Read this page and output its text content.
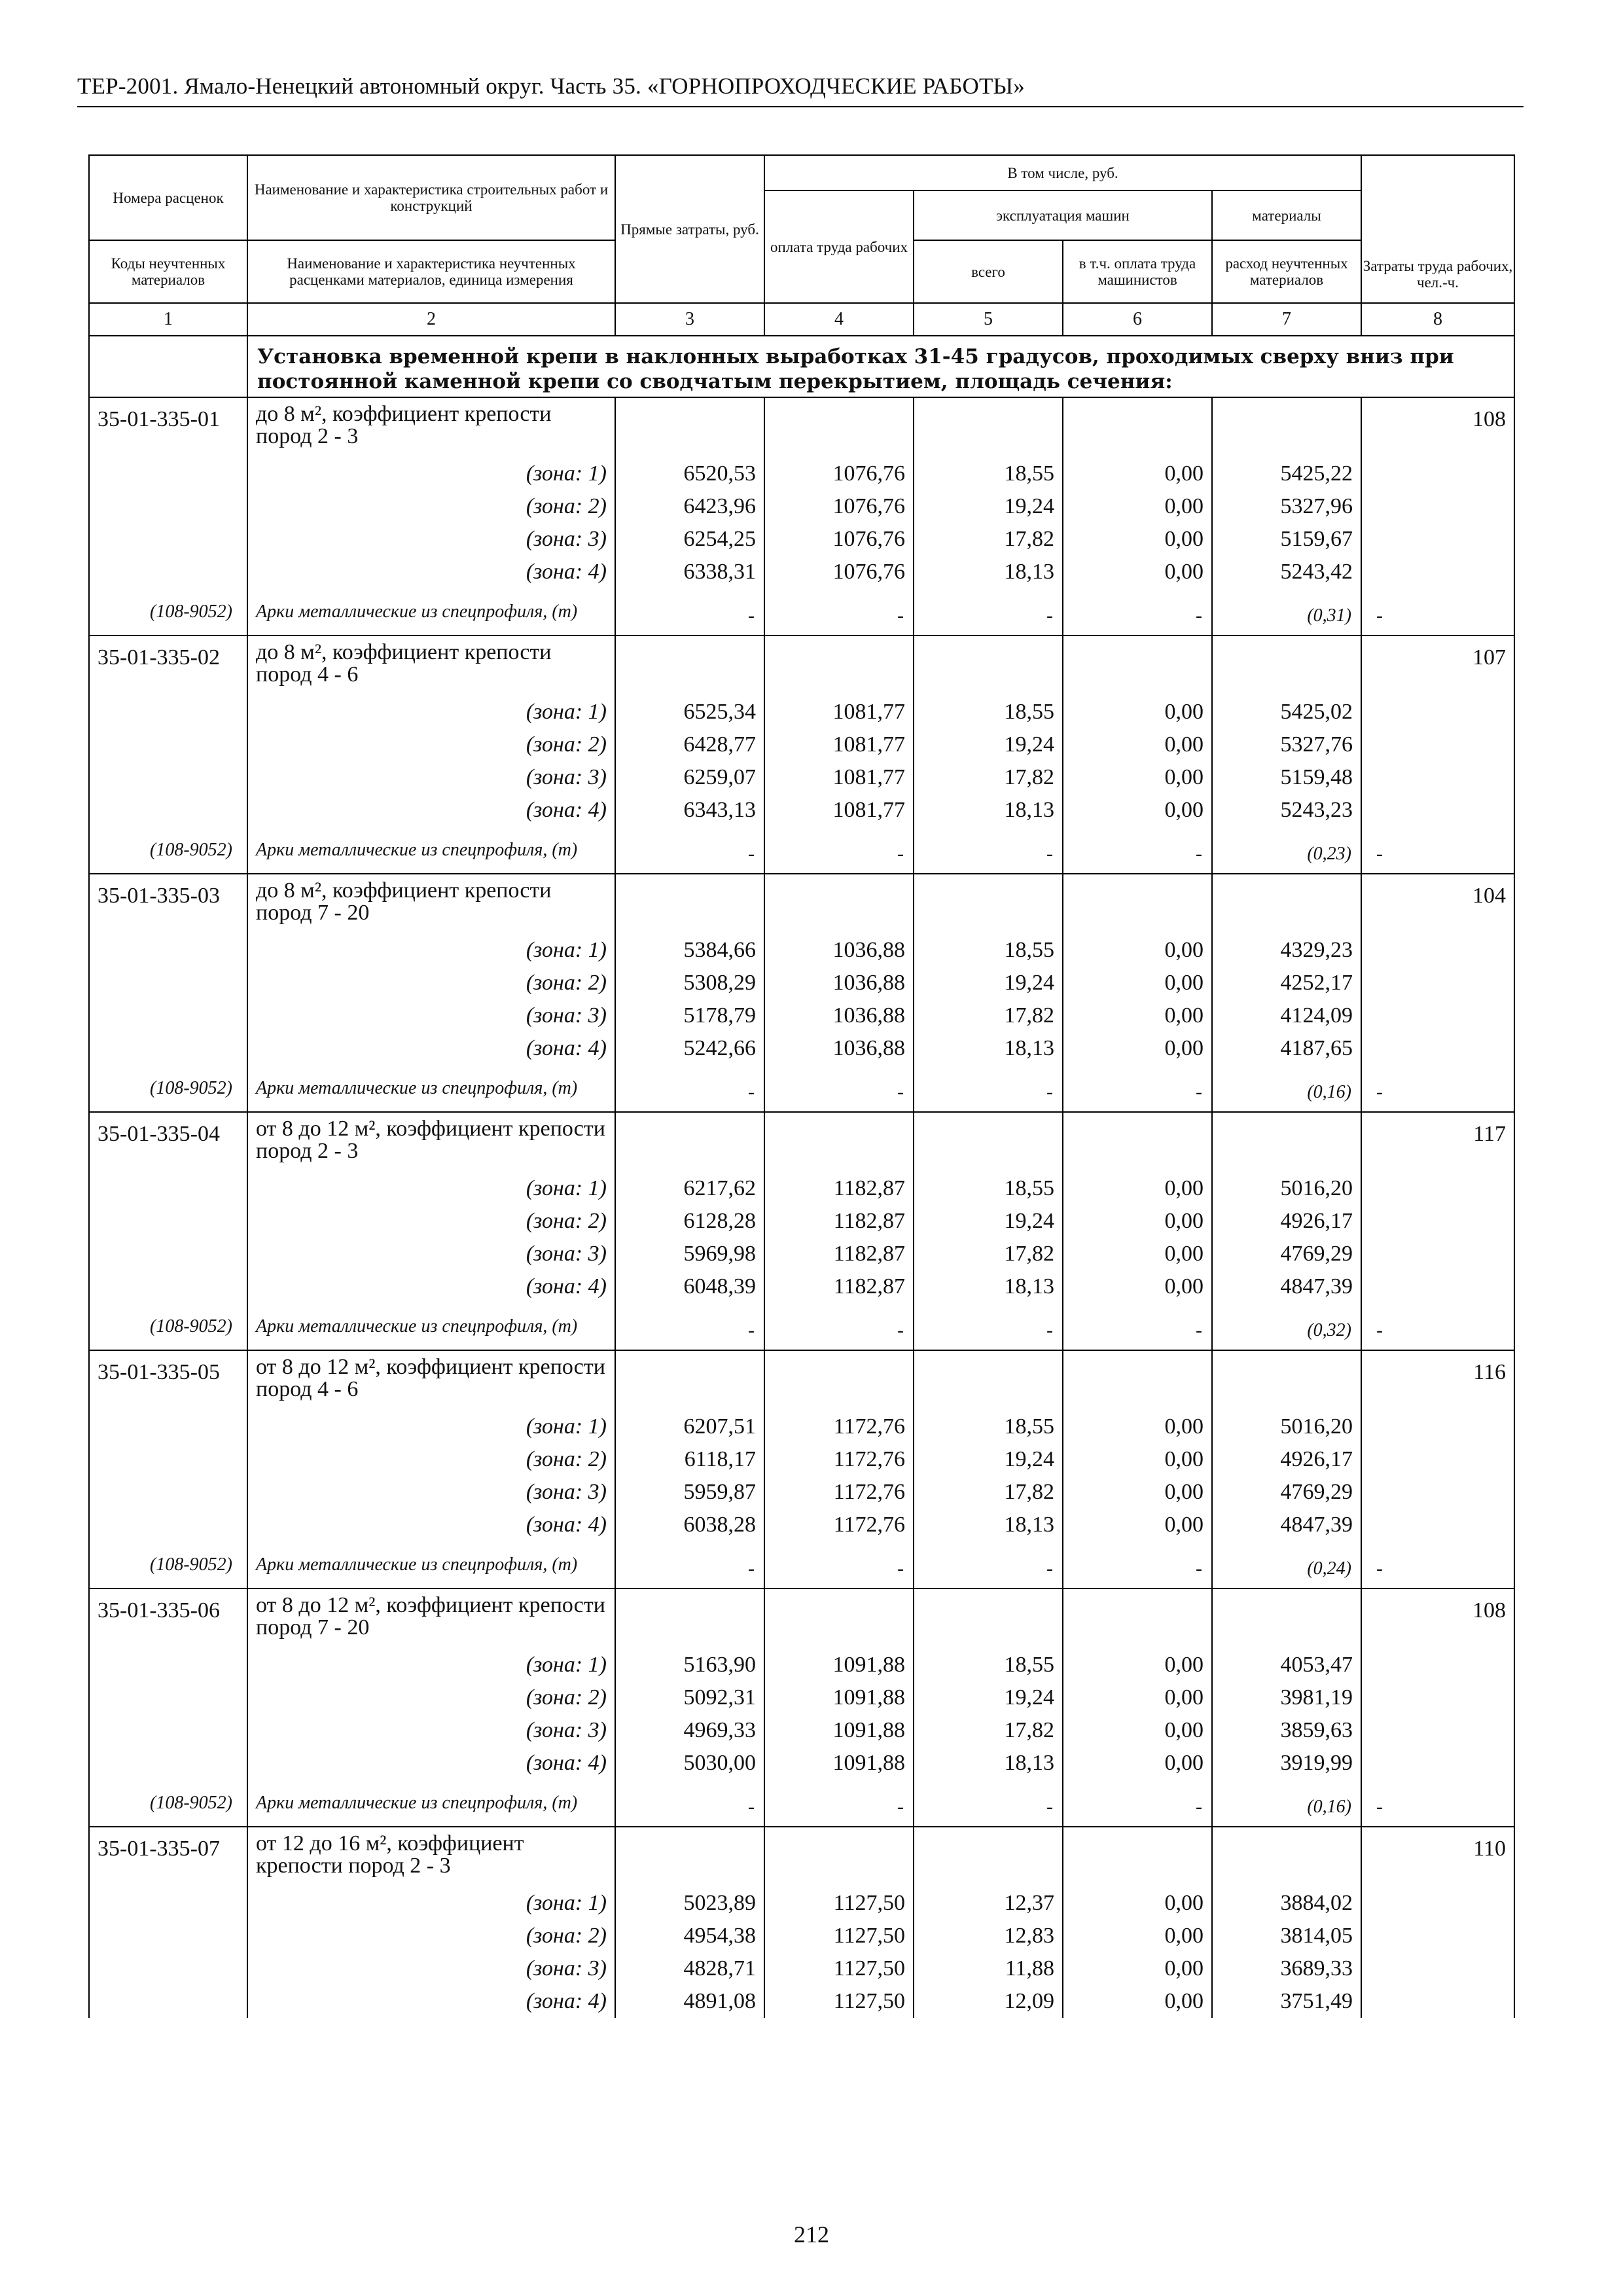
ТЕР-2001. Ямало-Ненецкий автономный округ. Часть 35. «ГОРНОПРОХОДЧЕСКИЕ РАБОТЫ»
Номера расценок	Наименование и характеристика строительных работ и конструкций	Прямые затраты, руб.	В том числе, руб.				Затраты труда рабочих, чел.-ч.
			оплата труда рабочих	эксплуатация машин		материалы	
Коды неучтенных материалов	Наименование и характеристика неучтенных расценками материалов, единица измерения			всего	в т.ч. оплата труда машинистов	расход неучтенных материалов	
1	2	3	4	5	6	7	8
	Установка временной крепи в наклонных выработках 31-45 градусов, проходимых сверху вниз при постоянной каменной крепи со сводчатым перекрытием, площадь сечения:						
35-01-335-01	до 8 м², коэффициент крепости пород 2 - 3						108
	(зона: 1)	6520,53	1076,76	18,55	0,00	5425,22	
	(зона: 2)	6423,96	1076,76	19,24	0,00	5327,96	
	(зона: 3)	6254,25	1076,76	17,82	0,00	5159,67	
	(зона: 4)	6338,31	1076,76	18,13	0,00	5243,42	
(108-9052)	Арки металлические из спецпрофиля, (т)	-	-	-	-	(0,31)	-
35-01-335-02	до 8 м², коэффициент крепости пород 4 - 6						107
	(зона: 1)	6525,34	1081,77	18,55	0,00	5425,02	
	(зона: 2)	6428,77	1081,77	19,24	0,00	5327,76	
	(зона: 3)	6259,07	1081,77	17,82	0,00	5159,48	
	(зона: 4)	6343,13	1081,77	18,13	0,00	5243,23	
(108-9052)	Арки металлические из спецпрофиля, (т)	-	-	-	-	(0,23)	-
35-01-335-03	до 8 м², коэффициент крепости пород 7 - 20						104
	(зона: 1)	5384,66	1036,88	18,55	0,00	4329,23	
	(зона: 2)	5308,29	1036,88	19,24	0,00	4252,17	
	(зона: 3)	5178,79	1036,88	17,82	0,00	4124,09	
	(зона: 4)	5242,66	1036,88	18,13	0,00	4187,65	
(108-9052)	Арки металлические из спецпрофиля, (т)	-	-	-	-	(0,16)	-
35-01-335-04	от 8 до 12 м², коэффициент крепости пород 2 - 3						117
	(зона: 1)	6217,62	1182,87	18,55	0,00	5016,20	
	(зона: 2)	6128,28	1182,87	19,24	0,00	4926,17	
	(зона: 3)	5969,98	1182,87	17,82	0,00	4769,29	
	(зона: 4)	6048,39	1182,87	18,13	0,00	4847,39	
(108-9052)	Арки металлические из спецпрофиля, (т)	-	-	-	-	(0,32)	-
35-01-335-05	от 8 до 12 м², коэффициент крепости пород 4 - 6						116
	(зона: 1)	6207,51	1172,76	18,55	0,00	5016,20	
	(зона: 2)	6118,17	1172,76	19,24	0,00	4926,17	
	(зона: 3)	5959,87	1172,76	17,82	0,00	4769,29	
	(зона: 4)	6038,28	1172,76	18,13	0,00	4847,39	
(108-9052)	Арки металлические из спецпрофиля, (т)	-	-	-	-	(0,24)	-
35-01-335-06	от 8 до 12 м², коэффициент крепости пород 7 - 20						108
	(зона: 1)	5163,90	1091,88	18,55	0,00	4053,47	
	(зона: 2)	5092,31	1091,88	19,24	0,00	3981,19	
	(зона: 3)	4969,33	1091,88	17,82	0,00	3859,63	
	(зона: 4)	5030,00	1091,88	18,13	0,00	3919,99	
(108-9052)	Арки металлические из спецпрофиля, (т)	-	-	-	-	(0,16)	-
35-01-335-07	от 12 до 16 м², коэффициент крепости пород 2 - 3						110
	(зона: 1)	5023,89	1127,50	12,37	0,00	3884,02	
	(зона: 2)	4954,38	1127,50	12,83	0,00	3814,05	
	(зона: 3)	4828,71	1127,50	11,88	0,00	3689,33	
	(зона: 4)	4891,08	1127,50	12,09	0,00	3751,49	
212
